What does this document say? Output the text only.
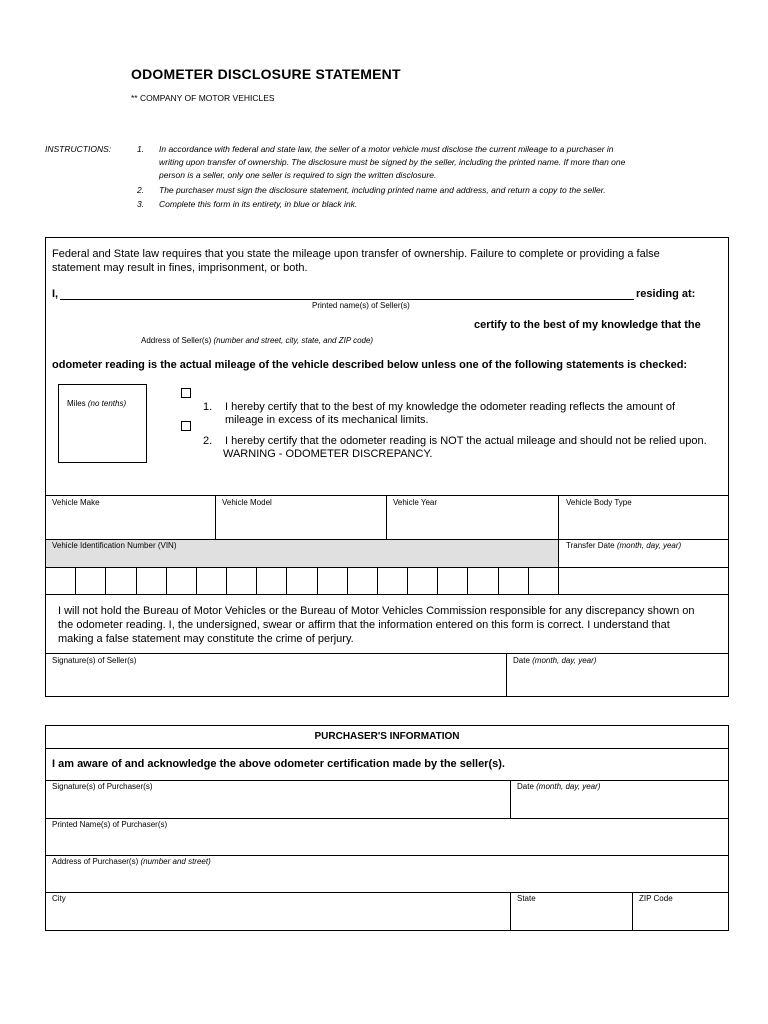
ODOMETER DISCLOSURE STATEMENT
** COMPANY OF MOTOR VEHICLES
INSTRUCTIONS:	1. In accordance with federal and state law, the seller of a motor vehicle must disclose the current mileage to a purchaser in
writing upon transfer of ownership. The disclosure must be signed by the seller, including the printed name. If more than one
person is a seller, only one seller is required to sign the written disclosure.
2. The purchaser must sign the disclosure statement, including printed name and address, and return a copy to the seller.
3. Complete this form in its entirety, in blue or black ink.
Federal and State law requires that you state the mileage upon transfer of ownership. Failure to complete or providing a false
statement may result in fines, imprisonment, or both.
I,	residing at:
Printed name(s) of Seller(s)
certify to the best of my knowledge that the
Address of Seller(s) (number and street, city, state, and ZIP code)
odometer reading is the actual mileage of the vehicle described below unless one of the following statements is checked:
Miles (no tenths)	1. I hereby certify that to the best of my knowledge the odometer reading reflects the amount of
mileage in excess of its mechanical limits.
2. I hereby certify that the odometer reading is NOT the actual mileage and should not be relied upon.
WARNING - ODOMETER DISCREPANCY.
Vehicle Make	Vehicle Model	Vehicle Year	Vehicle Body Type
Vehicle Identification Number (VIN)	Transfer Date (month, day, year)
I will not hold the Bureau of Motor Vehicles or the Bureau of Motor Vehicles Commission responsible for any discrepancy shown on
the odometer reading. I, the undersigned, swear or affirm that the information entered on this form is correct. I understand that
making a false statement may constitute the crime of perjury.
Signature(s) of Seller(s)	Date (month, day, year)
PURCHASER'S INFORMATION
I am aware of and acknowledge the above odometer certification made by the seller(s).
Signature(s) of Purchaser(s)	Date (month, day, year)
Printed Name(s) of Purchaser(s)
Address of Purchaser(s) (number and street)
City	State	ZIP Code
